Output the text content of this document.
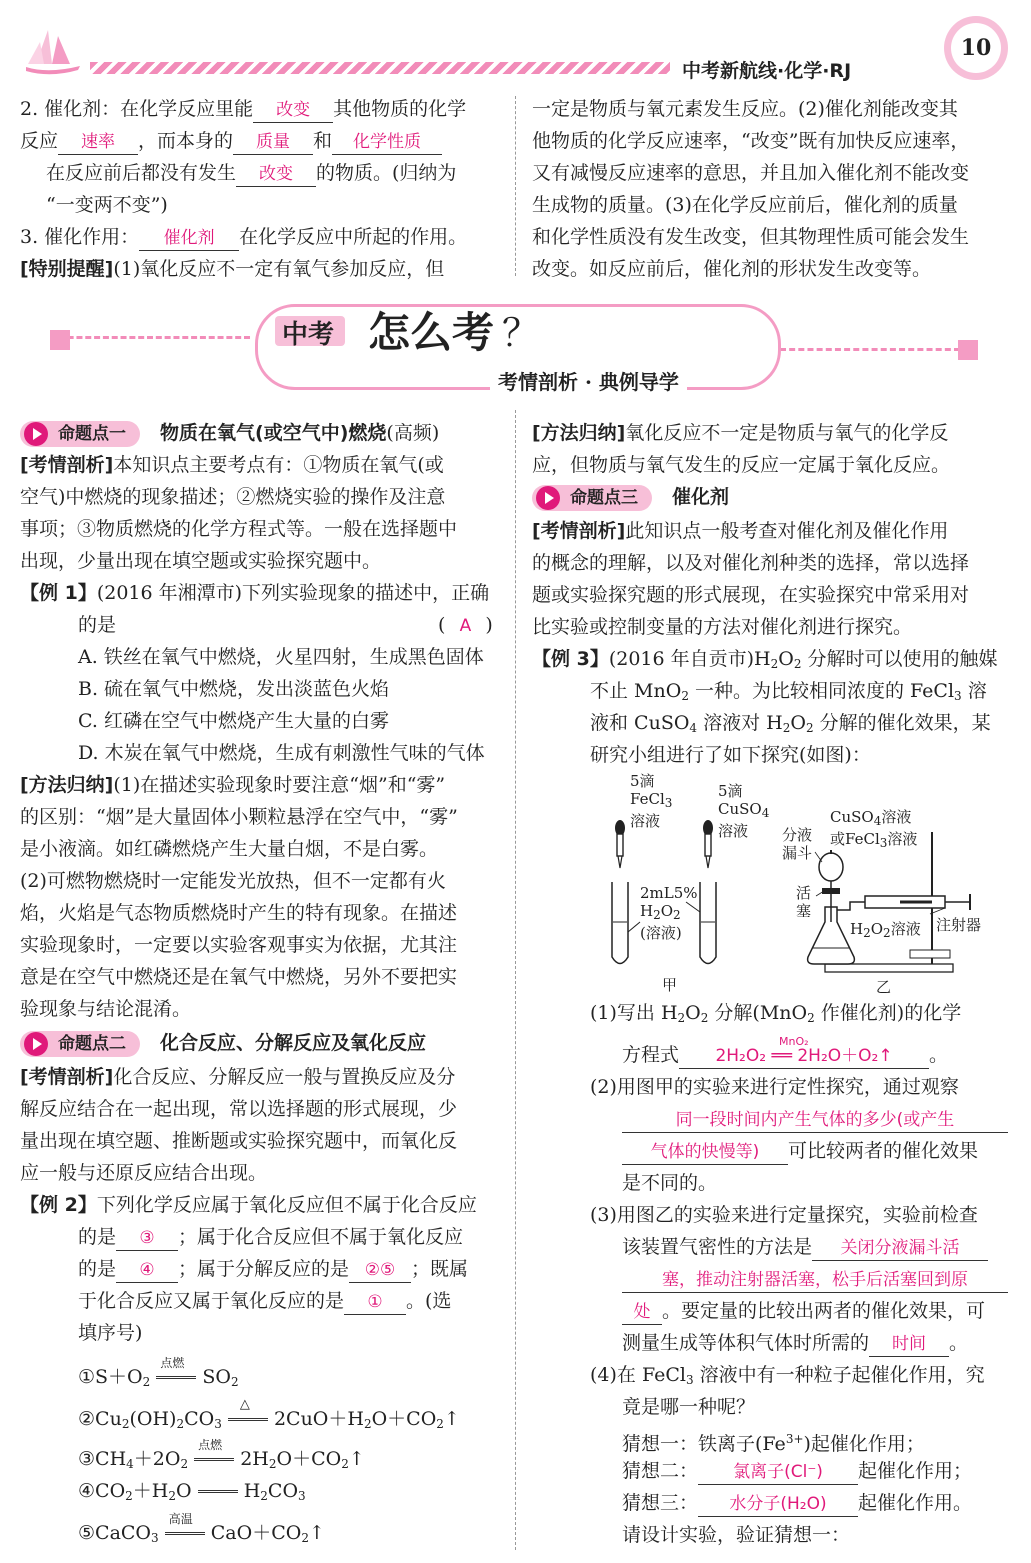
中考新航线·化学·RJ
10
2. 催化剂：在化学反应里能 改变 其他物质的化学
反应 速率 ，而本身的 质量 和 化学性质
在反应前后都没有发生 改变 的物质。(归纳为
“一变两不变”)
3. 催化作用： 催化剂 在化学反应中所起的作用。
[特别提醒](1)氧化反应不一定有氧气参加反应，但
一定是物质与氧元素发生反应。(2)催化剂能改变其
他物质的化学反应速率，“改变”既有加快反应速率，
又有减慢反应速率的意思，并且加入催化剂不能改变
生成物的质量。(3)在化学反应前后，催化剂的质量
和化学性质没有发生改变，但其物理性质可能会发生
改变。如反应前后，催化剂的形状发生改变等。
中考 怎么考 ？
考情剖析 · 典例导学
命题点一 物质在氧气(或空气中)燃烧(高频)
[考情剖析]本知识点主要考点有：①物质在氧气(或
空气)中燃烧的现象描述；②燃烧实验的操作及注意
事项；③物质燃烧的化学方程式等。一般在选择题中
出现，少量出现在填空题或实验探究题中。
【例 1】(2016 年湘潭市)下列实验现象的描述中，正确
的是	( A )
A. 铁丝在氧气中燃烧，火星四射，生成黑色固体
B. 硫在氧气中燃烧，发出淡蓝色火焰
C. 红磷在空气中燃烧产生大量的白雾
D. 木炭在氧气中燃烧，生成有刺激性气味的气体
[方法归纳](1)在描述实验现象时要注意“烟”和“雾”
的区别：“烟”是大量固体小颗粒悬浮在空气中，“雾”
是小液滴。如红磷燃烧产生大量白烟，不是白雾。
(2)可燃物燃烧时一定能发光放热，但不一定都有火
焰，火焰是气态物质燃烧时产生的特有现象。在描述
实验现象时，一定要以实验客观事实为依据，尤其注
意是在空气中燃烧还是在氧气中燃烧，另外不要把实
验现象与结论混淆。
命题点二 化合反应、分解反应及氧化反应
[考情剖析]化合反应、分解反应一般与置换反应及分
解反应结合在一起出现，常以选择题的形式展现，少
量出现在填空题、推断题或实验探究题中，而氧化反
应一般与还原反应结合出现。
【例 2】下列化学反应属于氧化反应但不属于化合反应
的是 ③ ；属于化合反应但不属于氧化反应
的是 ④ ；属于分解反应的是 ②⑤ ；既属
于化合反应又属于氧化反应的是 ① 。(选
填序号)
$①S+O_2$
点燃
$SO_2$
$②Cu_2(OH)_2CO_3$
△
$2CuO+H_2O+CO_2↑$
$③CH_4+2O_2$
点燃
$2H_2O+CO_2↑$
$④CO_2+H_2O$	$H_2CO_3$
⑤CaCO$_3$
高温
$CaO+CO_2↑$
[方法归纳]氧化反应不一定是物质与氧气的化学反
应，但物质与氧气发生的反应一定属于氧化反应。
命题点三 催化剂
[考情剖析]此知识点一般考查对催化剂及催化作用
的概念的理解，以及对催化剂种类的选择，常以选择
题或实验探究题的形式展现，在实验探究中常采用对
比实验或控制变量的方法对催化剂进行探究。
【例 3】(2016 年自贡市)$H_2O_2$ 分解时可以使用的触媒
不止 MnO$_2$ 一种。为比较相同浓度的 FeCl$_3$ 溶
液和 CuSO$_4$ 溶液对 $H_2O_2$ 分解的催化效果，某
研究小组进行了如下探究(如图)：
5滴
FeCl$_3$
溶液
5滴
CuSO$_4$
溶液
2mL5%
$H_2O_2$
(溶液)
甲
分液
漏斗
CuSO$_4$溶液
或FeCl$_3$溶液
活
塞
$H_2O_2$溶液 注射器
乙
(1)写出 $H_2O_2$ 分解(MnO$_2$ 作催化剂)的化学
方程式
MnO₂
2H₂O₂ ══ 2H₂O＋O₂↑ 。
(2)用图甲的实验来进行定性探究，通过观察
同一段时间内产生气体的多少(或产生
气体的快慢等) 可比较两者的催化效果
是不同的。
(3)用图乙的实验来进行定量探究，实验前检查
该装置气密性的方法是 关闭分液漏斗活
塞，推动注射器活塞，松手后活塞回到原
处 。要定量的比较出两者的催化效果，可
测量生成等体积气体时所需的 时间 。
(4)在 FeCl$_3$ 溶液中有一种粒子起催化作用，究
竟是哪一种呢？
猜想一：铁离子$(Fe^{3+})$起催化作用；
猜想二： 氯离子(Cl⁻) 起催化作用；
猜想三： 水分子(H₂O) 起催化作用。
请设计实验，验证猜想一：
